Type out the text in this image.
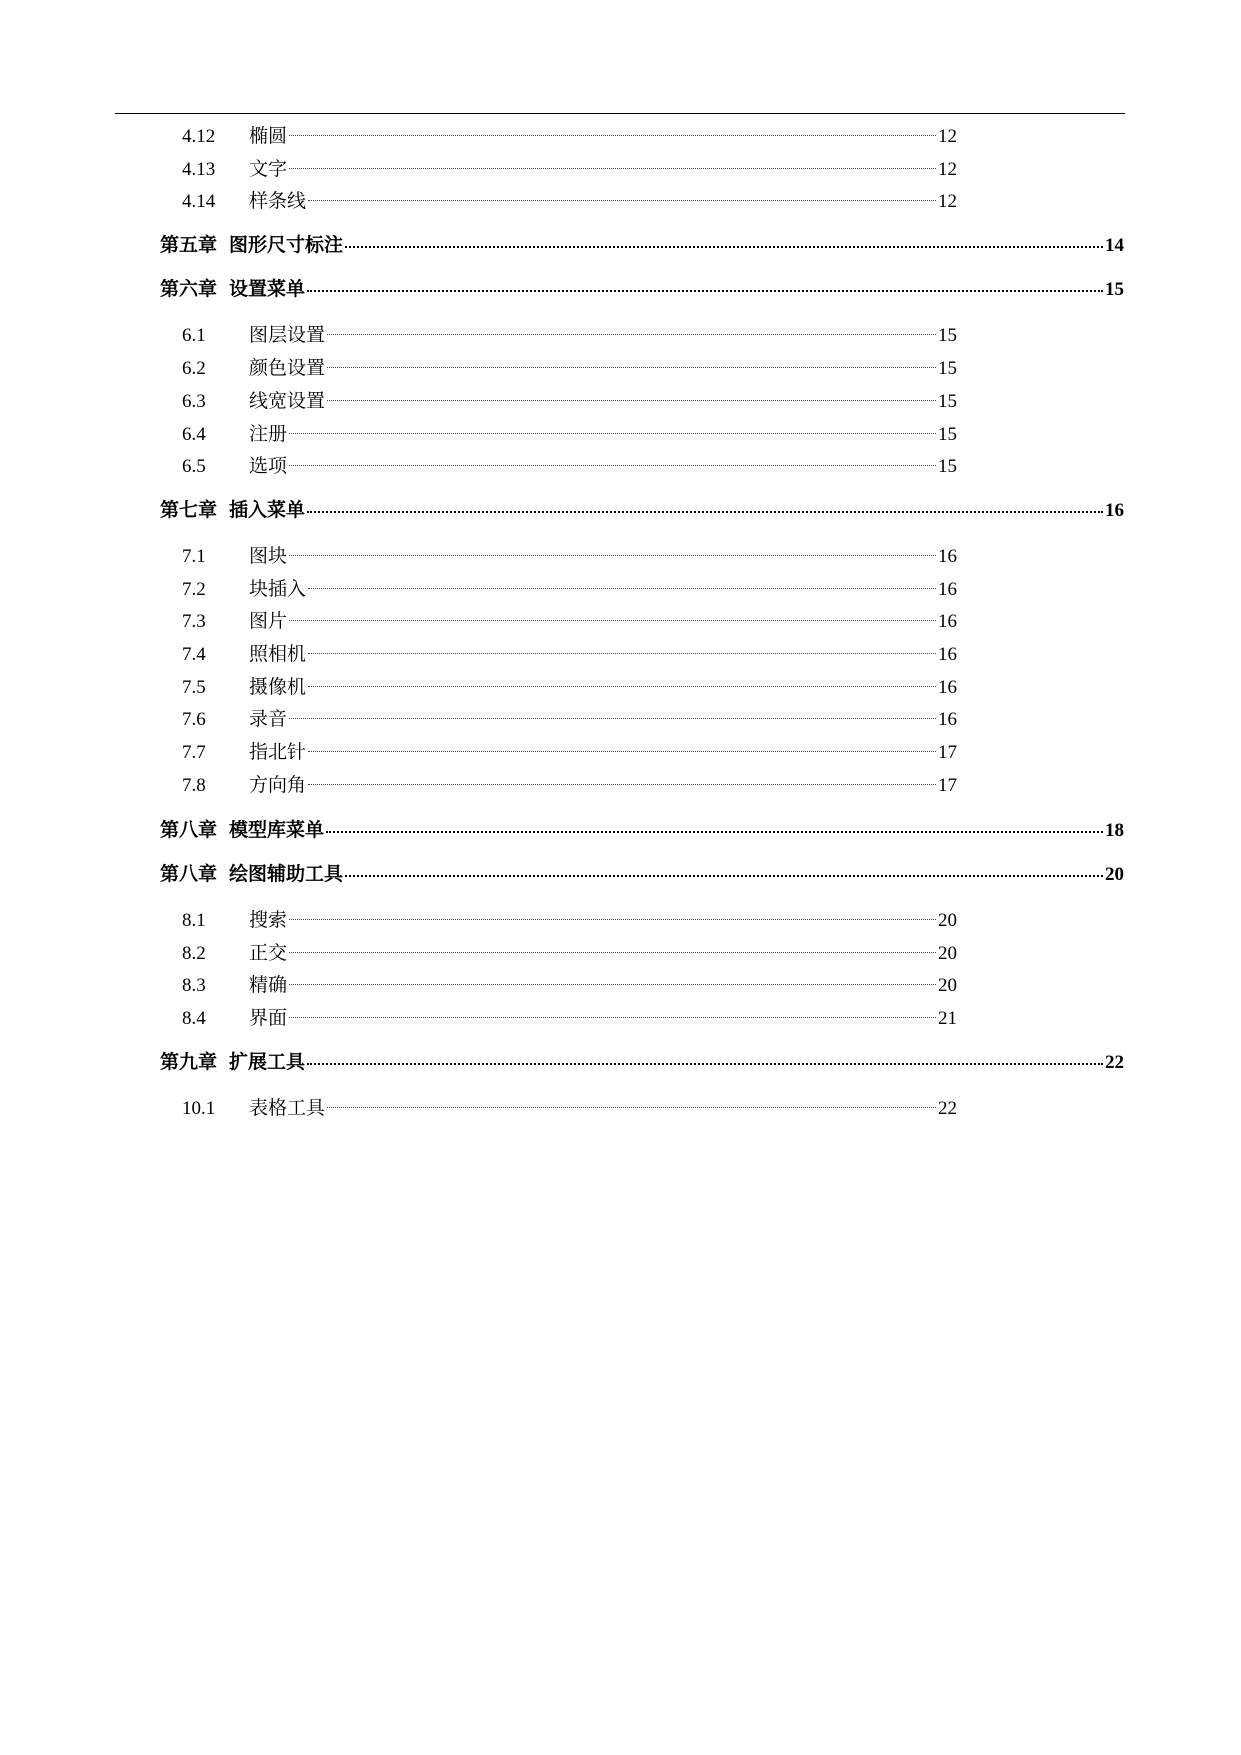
4.12	椭圆	12
4.13	文字	12
4.14	样条线	12
第五章 图形尺寸标注	14
第六章 设置菜单	15
6.1	图层设置	15
6.2	颜色设置	15
6.3	线宽设置	15
6.4	注册	15
6.5	选项	15
第七章 插入菜单	16
7.1	图块	16
7.2	块插入	16
7.3	图片	16
7.4	照相机	16
7.5	摄像机	16
7.6	录音	16
7.7	指北针	17
7.8	方向角	17
第八章 模型库菜单	18
第八章 绘图辅助工具	20
8.1	搜索	20
8.2	正交	20
8.3	精确	20
8.4	界面	21
第九章 扩展工具	22
10.1	表格工具	22
